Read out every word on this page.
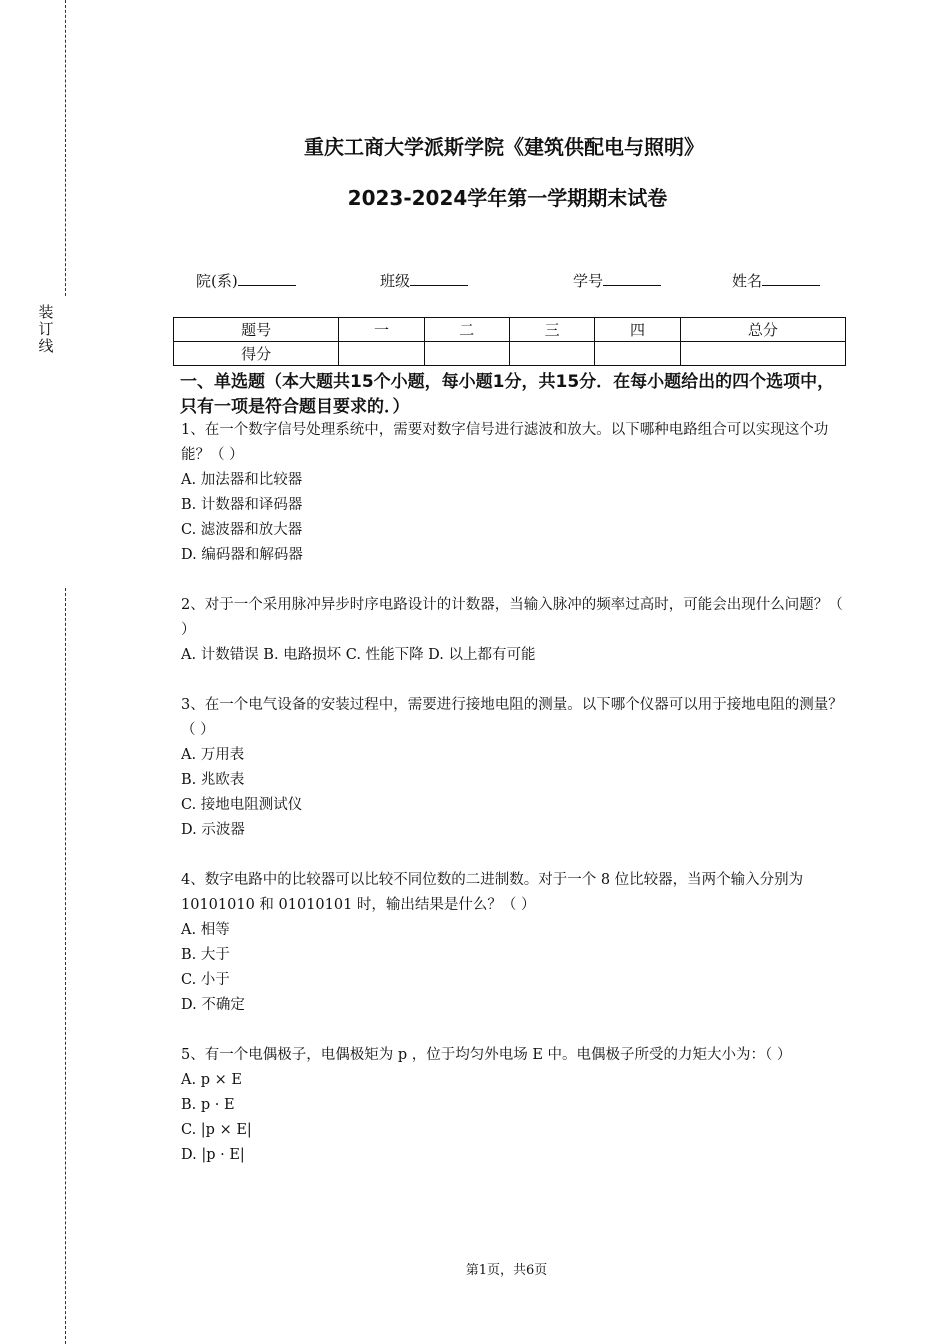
装订线
重庆工商大学派斯学院《建筑供配电与照明》
2023-2024学年第一学期期末试卷
院(系)	班级	学号	姓名
题号	一	二	三	四	总分
得分					
一、单选题（本大题共15个小题，每小题1分，共15分．在每小题给出的四个选项中，只有一项是符合题目要求的．）

1、在一个数字信号处理系统中，需要对数字信号进行滤波和放大。以下哪种电路组合可以实现这个功能？（ ）

A. 加法器和比较器

B. 计数器和译码器

C. 滤波器和放大器

D. 编码器和解码器

2、对于一个采用脉冲异步时序电路设计的计数器，当输入脉冲的频率过高时，可能会出现什么问题？（ ）

A. 计数错误 B. 电路损坏 C. 性能下降 D. 以上都有可能

3、在一个电气设备的安装过程中，需要进行接地电阻的测量。以下哪个仪器可以用于接地电阻的测量？（ ）

A. 万用表

B. 兆欧表

C. 接地电阻测试仪

D. 示波器

4、数字电路中的比较器可以比较不同位数的二进制数。对于一个 8 位比较器，当两个输入分别为 10101010 和 01010101 时，输出结果是什么？（ ）

A. 相等

B. 大于

C. 小于

D. 不确定

5、有一个电偶极子，电偶极矩为 p ，位于均匀外电场 E 中。电偶极子所受的力矩大小为：（ ）

A. p × E

B. p · E

C. |p × E|

D. |p · E|

第1页，共6页
